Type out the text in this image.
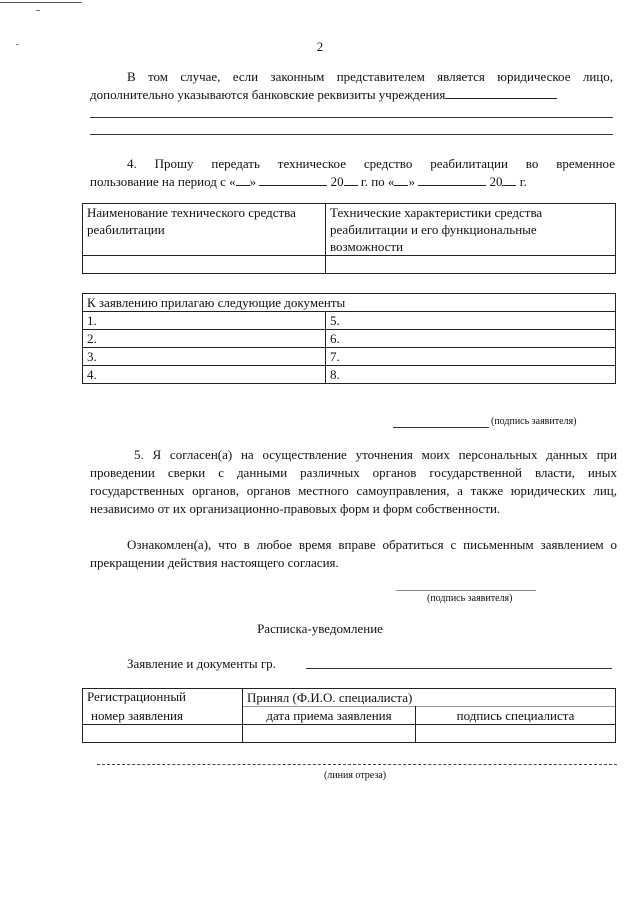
2
В том случае, если законным представителем является юридическое лицо, дополнительно указываются банковские реквизиты учреждения
4. Прошу передать техническое средство реабилитации во временное
пользование на период с « »	20 г. по « »	20 г.
Наименование технического средства реабилитации	Технические характеристики средства реабилитации и его функциональные возможности

К заявлению прилагаю следующие документы	
1.	5.
2.	6.
3.	7.
4.	8.
(подпись заявителя)
5. Я согласен(а) на осуществление уточнения моих персональных данных при проведении сверки с данными различных органов государственной власти, иных государственных органов, органов местного самоуправления, а также юридических лиц, независимо от их организационно-правовых форм и форм собственности.
Ознакомлен(а), что в любое время вправе обратиться с письменным заявлением о прекращении действия настоящего согласия.
(подпись заявителя)
Расписка-уведомление
Заявление и документы гр.
Регистрационный	Принял (Ф.И.О. специалиста)	
номер заявления	дата приема заявления	подпись специалиста

(линия отреза)
